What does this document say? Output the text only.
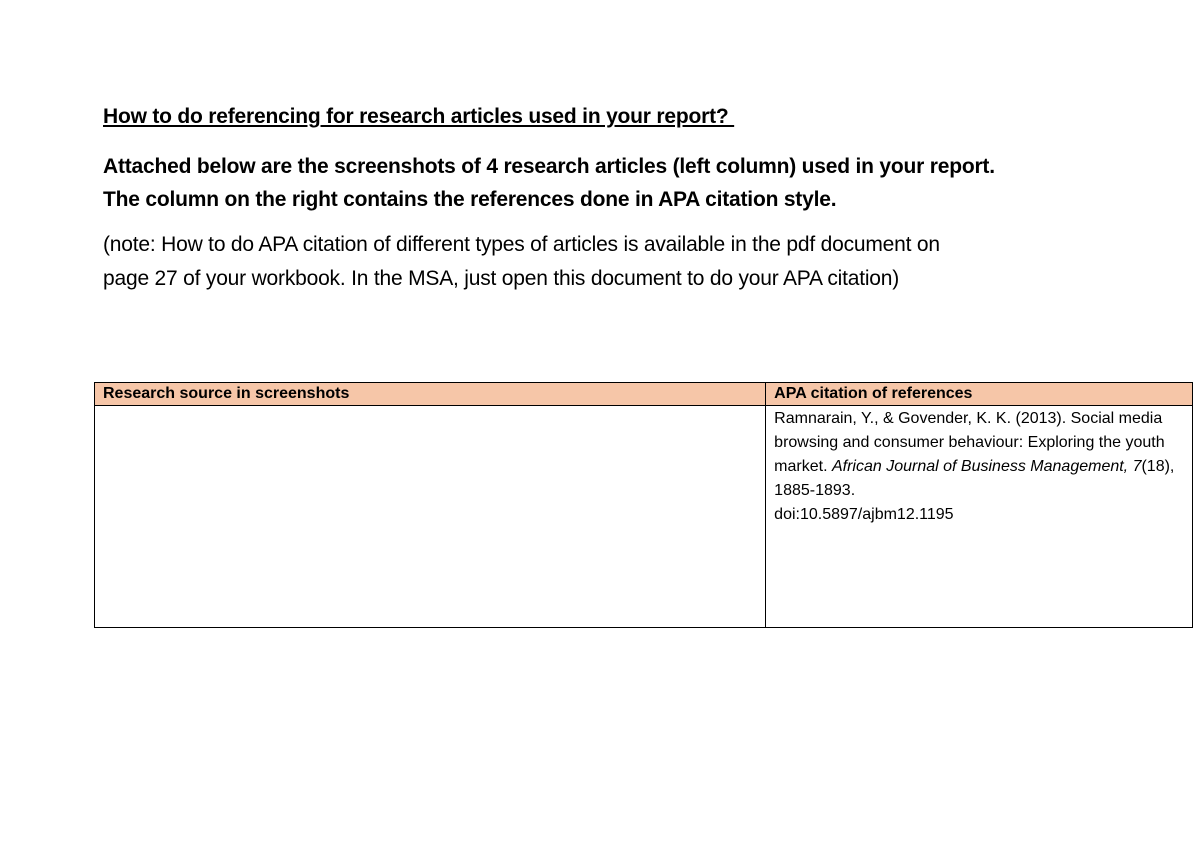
How to do referencing for research articles used in your report?
Attached below are the screenshots of 4 research articles (left column) used in your report.
The column on the right contains the references done in APA citation style.
(note: How to do APA citation of different types of articles is available in the pdf document on
page 27 of your workbook. In the MSA, just open this document to do your APA citation)
Research source in screenshots	APA citation of references
	Ramnarain, Y., & Govender, K. K. (2013). Social media browsing and consumer behaviour: Exploring the youth market. African Journal of Business Management, 7(18), 1885-1893.
doi:10.5897/ajbm12.1195
